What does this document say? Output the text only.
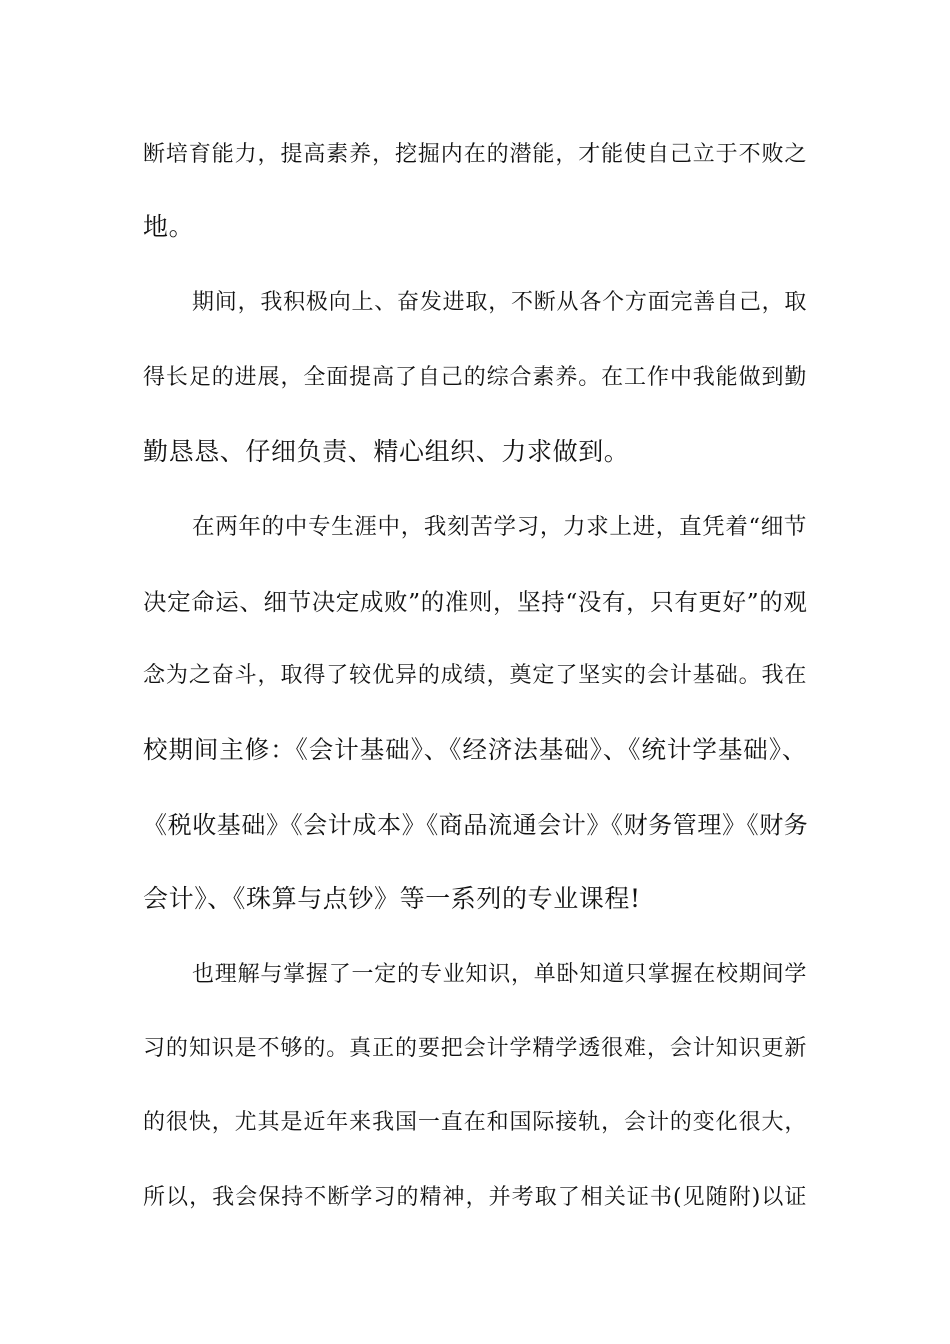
断培育能力，提高素养，挖掘内在的潜能，才能使自己立于不败之
地。
期间，我积极向上、奋发进取，不断从各个方面完善自己，取
得长足的进展，全面提高了自己的综合素养。在工作中我能做到勤
勤恳恳、仔细负责、精心组织、力求做到。
在两年的中专生涯中，我刻苦学习，力求上进，直凭着“细节
决定命运、细节决定成败”的准则，坚持“没有，只有更好”的观
念为之奋斗，取得了较优异的成绩，奠定了坚实的会计基础。我在
校期间主修：《会计基础》、《经济法基础》、《统计学基础》、
《税收基础》《会计成本》《商品流通会计》《财务管理》《财务
会计》、《珠算与点钞》等一系列的专业课程!
也理解与掌握了一定的专业知识，单卧知道只掌握在校期间学
习的知识是不够的。真正的要把会计学精学透很难，会计知识更新
的很快，尤其是近年来我国一直在和国际接轨，会计的变化很大，
所以，我会保持不断学习的精神，并考取了相关证书(见随附)以证
